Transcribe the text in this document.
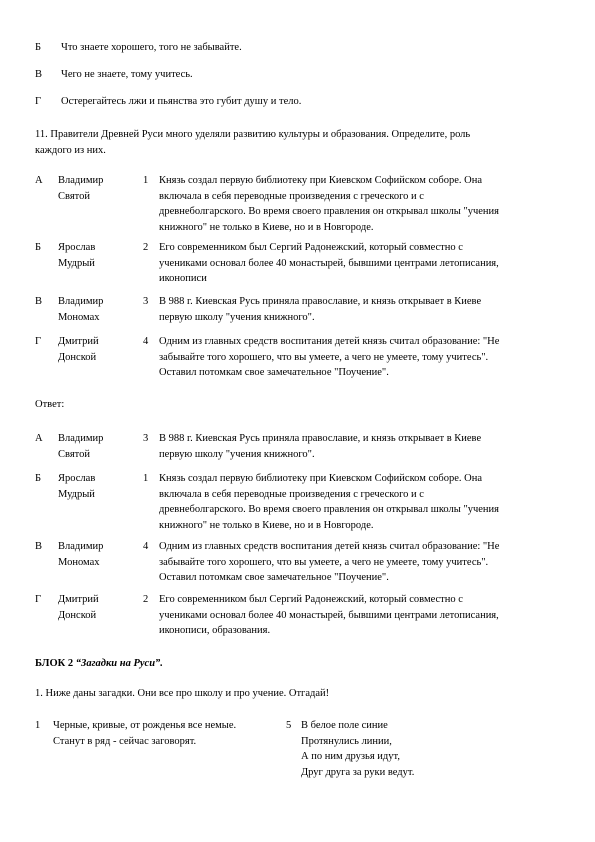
Б Что знаете хорошего, того не забывайте.
В Чего не знаете, тому учитесь.
Г Остерегайтесь лжи и пьянства это губит душу и тело.

11. Правители Древней Руси много уделяли развитию культуры и образования. Определите, роль

каждого из них.

А Владимир

Святой

1 Князь создал первую библиотеку при Киевском Софийском соборе. Она

включала в себя переводные произведения с греческого и с

древнеболгарского. Во время своего правления он открывал школы "учения

книжного" не только в Киеве, но и в Новгороде.

Б Ярослав

Мудрый

2 Его современником был Сергий Радонежский, который совместно с

учениками основал более 40 монастырей, бывшими центрами летописания,

иконописи

В Владимир

Мономах

3 В 988 г. Киевская Русь приняла православие, и князь открывает в Киеве

первую школу "учения книжного".

Г Дмитрий

Донской

4 Одним из главных средств воспитания детей князь считал образование: "Не

забывайте того хорошего, что вы умеете, а чего не умеете, тому учитесь".

Оставил потомкам свое замечательное "Поучение".

Ответ:

А Владимир

Святой

3 В 988 г. Киевская Русь приняла православие, и князь открывает в Киеве

первую школу "учения книжного".

Б Ярослав

Мудрый

1 Князь создал первую библиотеку при Киевском Софийском соборе. Она

включала в себя переводные произведения с греческого и с

древнеболгарского. Во время своего правления он открывал школы "учения

книжного" не только в Киеве, но и в Новгороде.

В Владимир

Мономах

4 Одним из главных средств воспитания детей князь считал образование: "Не

забывайте того хорошего, что вы умеете, а чего не умеете, тому учитесь".

Оставил потомкам свое замечательное "Поучение".

Г Дмитрий

Донской

2 Его современником был Сергий Радонежский, который совместно с

учениками основал более 40 монастырей, бывшими центрами летописания,

иконописи, образования.

БЛОК 2 “Загадки на Руси”.

1. Ниже даны загадки. Они все про школу и про учение. Отгадай!

1 Черные, кривые, от рожденья все немые.

Станут в ряд - сейчас заговорят.

5 В белое поле синие

Протянулись линии,

А по ним друзья идут,

Друг друга за руки ведут.
